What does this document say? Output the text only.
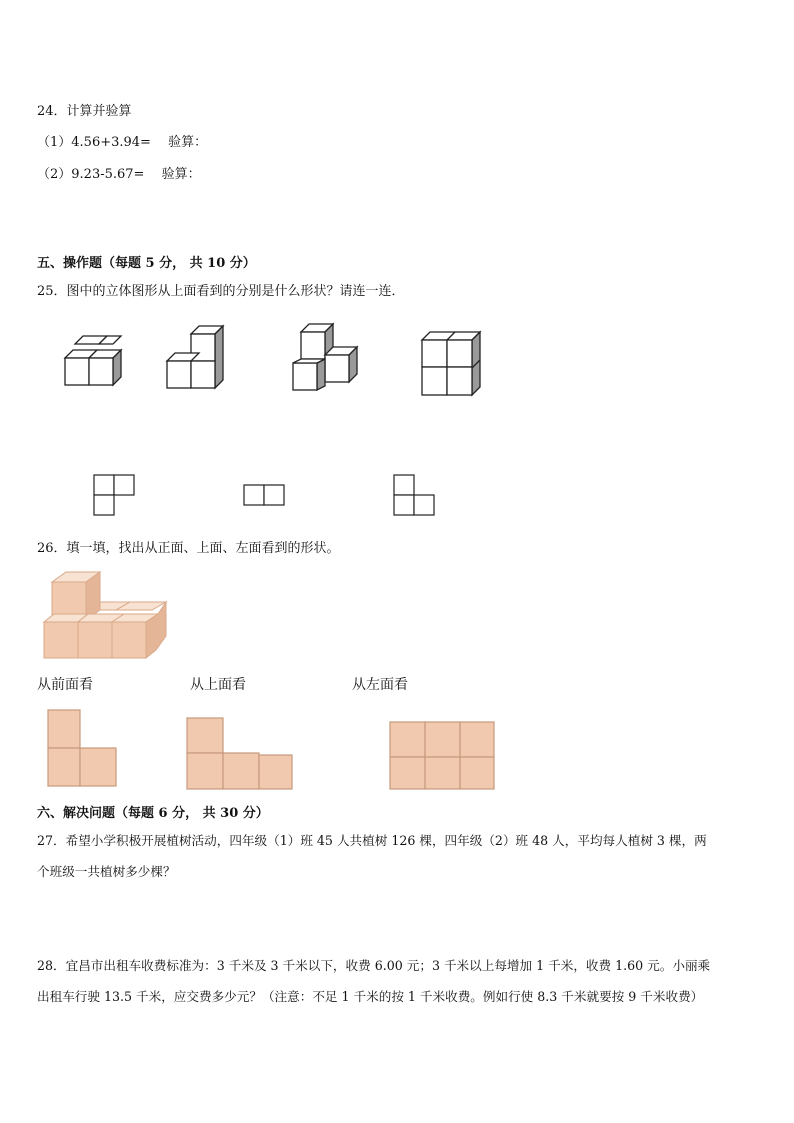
24．计算并验算
（1）4.56+3.94=　 验算：
（2）9.23-5.67=　 验算：
五、操作题（每题 5 分， 共 10 分）
25．图中的立体图形从上面看到的分别是什么形状？请连一连．
26．填一填，找出从正面、上面、左面看到的形状。
从前面看	从上面看	从左面看
六、解决问题（每题 6 分， 共 30 分）
27．希望小学积极开展植树活动，四年级（1）班 45 人共植树 126 棵，四年级（2）班 48 人，平均每人植树 3 棵，两
个班级一共植树多少棵？
28．宜昌市出租车收费标准为：3 千米及 3 千米以下，收费 6.00 元；3 千米以上每增加 1 千米，收费 1.60 元。小丽乘
出租车行驶 13.5 千米，应交费多少元？（注意：不足 1 千米的按 1 千米收费。例如行使 8.3 千米就要按 9 千米收费）
